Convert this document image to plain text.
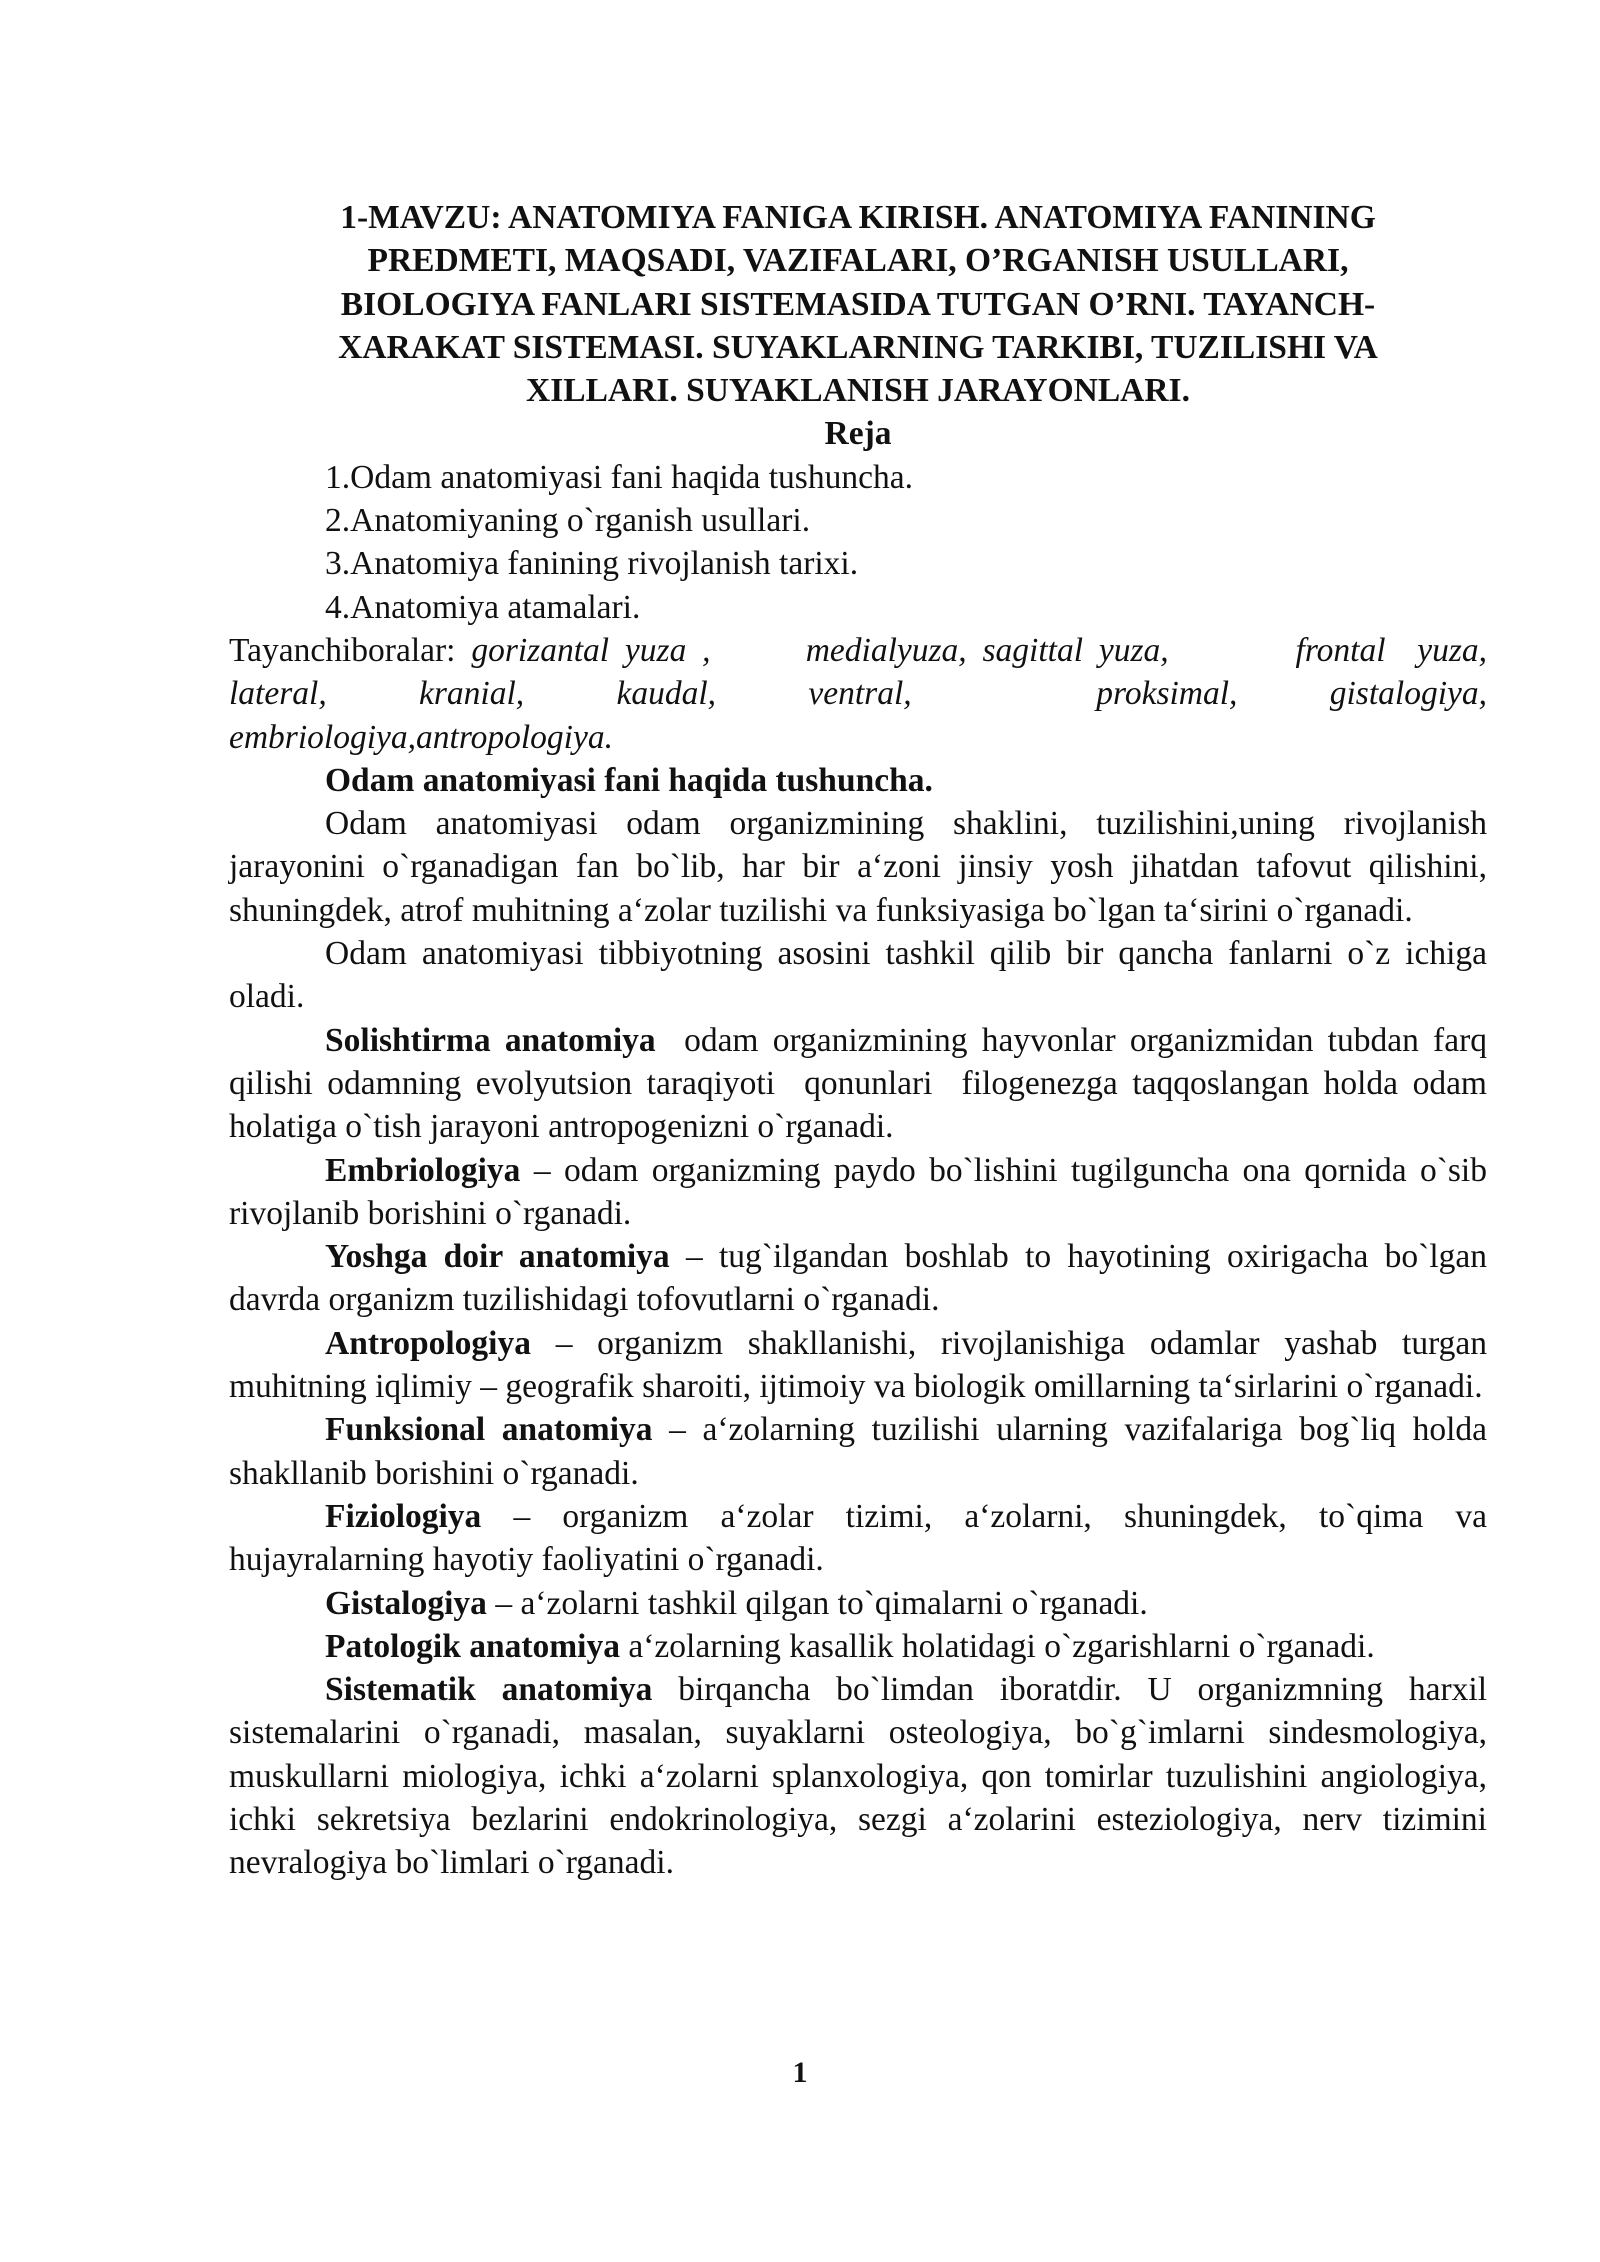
1-MAVZU: ANATOMIYA FANIGA KIRISH. ANATOMIYA FANINING
PREDMETI, MAQSADI, VAZIFALARI, O’RGANISH USULLARI,
BIOLOGIYA FANLARI SISTEMASIDA TUTGAN O’RNI. TAYANCH-
XARAKAT SISTEMASI. SUYAKLARNING TARKIBI, TUZILISHI VA
XILLARI. SUYAKLANISH JARAYONLARI.
Reja
1.Odam anatomiyasi fani haqida tushuncha.
2.Anatomiyaning o`rganish usullari.
3.Anatomiya fanining rivojlanish tarixi.
4.Anatomiya atamalari.
Tayanchiboralar: gorizantal yuza ,      medialyuza, sagittal yuza,        frontal  yuza,
lateral,       kranial,       kaudal,       ventral,              proksimal,       gistalogiya,
embriologiya,antropologiya.
Odam anatomiyasi fani haqida tushuncha.

Odam anatomiyasi odam organizmining shaklini, tuzilishini,uning rivojlanish jarayonini o`rganadigan fan bo`lib, har bir a‘zoni jinsiy yosh jihatdan tafovut qilishini, shuningdek, atrof muhitning a‘zolar tuzilishi va funksiyasiga bo`lgan ta‘sirini o`rganadi.

Odam anatomiyasi tibbiyotning asosini tashkil qilib bir qancha fanlarni o`z ichiga oladi.

Solishtirma anatomiya  odam organizmining hayvonlar organizmidan tubdan farq qilishi odamning evolyutsion taraqiyoti  qonunlari  filogenezga taqqoslangan holda odam holatiga o`tish jarayoni antropogenizni o`rganadi.

Embriologiya – odam organizming paydo bo`lishini tugilguncha ona qornida o`sib rivojlanib borishini o`rganadi.

Yoshga doir anatomiya – tug`ilgandan boshlab to hayotining oxirigacha bo`lgan davrda organizm tuzilishidagi tofovutlarni o`rganadi.

Antropologiya – organizm shakllanishi, rivojlanishiga odamlar yashab turgan muhitning iqlimiy – geografik sharoiti, ijtimoiy va biologik omillarning ta‘sirlarini o`rganadi.

Funksional anatomiya – a‘zolarning tuzilishi ularning vazifalariga bog`liq holda shakllanib borishini o`rganadi.

Fiziologiya – organizm a‘zolar tizimi, a‘zolarni, shuningdek, to`qima va hujayralarning hayotiy faoliyatini o`rganadi.

Gistalogiya – a‘zolarni tashkil qilgan to`qimalarni o`rganadi.

Patologik anatomiya a‘zolarning kasallik holatidagi o`zgarishlarni o`rganadi.

Sistematik anatomiya birqancha bo`limdan iboratdir. U organizmning harxil sistemalarini o`rganadi, masalan, suyaklarni osteologiya, bo`g`imlarni sindesmologiya, muskullarni miologiya, ichki a‘zolarni splanxologiya, qon tomirlar tuzulishini angiologiya, ichki sekretsiya bezlarini endokrinologiya, sezgi a‘zolarini esteziologiya, nerv tizimini nevralogiya bo`limlari o`rganadi.

1
